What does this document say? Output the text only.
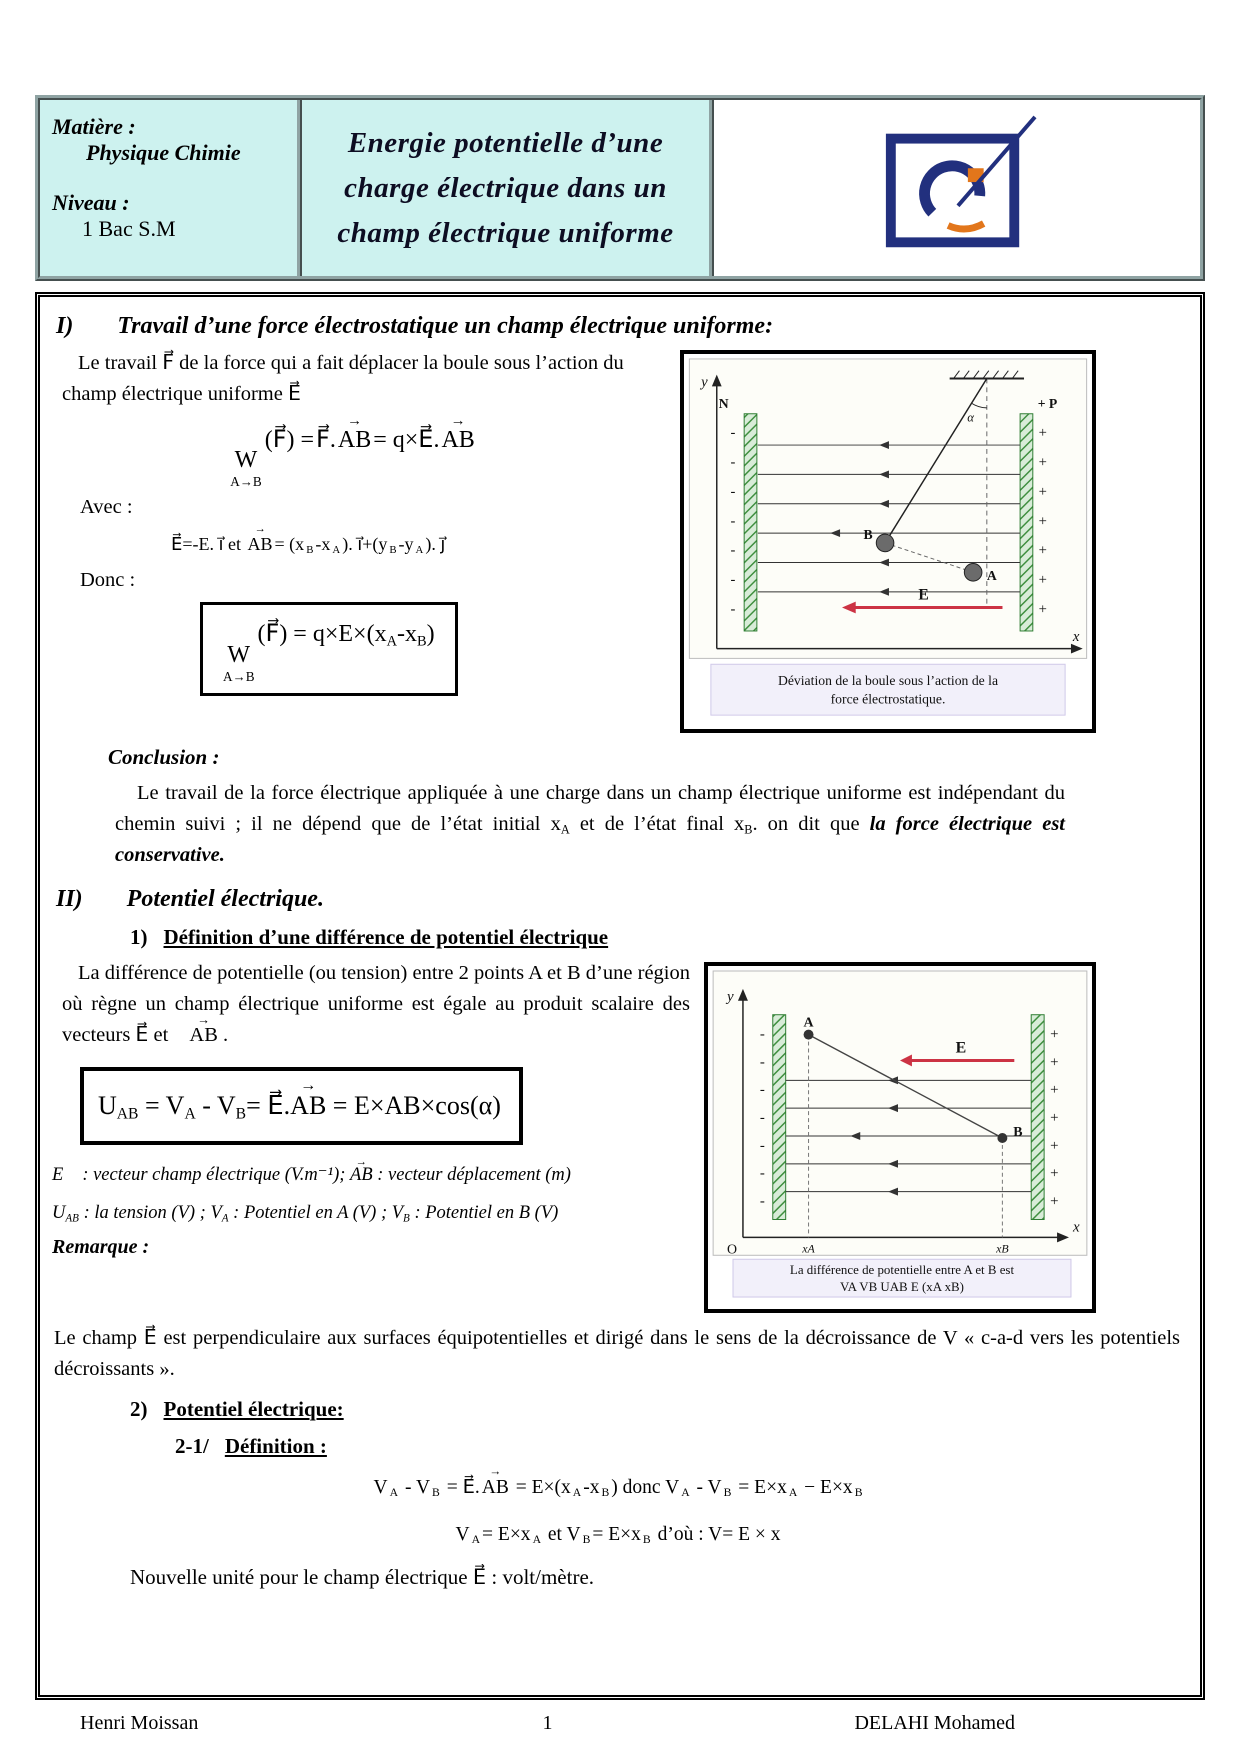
Matière :
Physique Chimie
Niveau :
1 Bac S.M
Energie potentielle d’une
charge électrique dans un
champ électrique uniforme
I) Travail d’une force électrostatique un champ électrique uniforme:
y
x
N
-
-
-
-
-
-
-
+ P
+
+
+
+
+
+
+
α
B
A
E⃗
Déviation de la boule sous l’action de la
force électrostatique.

Le travail F⃗ de la force qui a fait déplacer la boule sous l’action du champ électrique uniforme E⃗

W
A→B
(F⃗) =F⃗.→ AB= q×E⃗.→ AB
Avec :
E⃗=-E. i⃗ et → AB = (x B -x A ). i⃗+(y B -y A ). j⃗
Donc :
W
A→B
(F⃗) = q×E×(xA-xB)
Conclusion :

Le travail de la force électrique appliquée à une charge dans un champ électrique uniforme est indépendant du chemin suivi ; il ne dépend que de l’état initial xA et de l’état final xB. on dit que la force électrique est conservative.

II) Potentiel électrique.
1) Définition d’une différence de potentiel électrique
y
x
O
-
-
-
-
-
-
-
+
+
+
+
+
+
+
E⃗
A
B
xA	xB
La différence de potentielle entre A et B est
VA VB UAB E (xA xB)

La différence de potentielle (ou tension) entre 2 points A et B d’une région où règne un champ électrique uniforme est égale au produit scalaire des vecteurs E⃗ et → AB .

UAB = VA - VB= E⃗.→ AB = E×AB×cos(α)
E⃗ : vecteur champ électrique (V.m⁻¹); → AB : vecteur déplacement (m)
UAB : la tension (V) ; VA : Potentiel en A (V) ; VB : Potentiel en B (V)
Remarque :

Le champ E⃗ est perpendiculaire aux surfaces équipotentielles et dirigé dans le sens de la décroissance de V « c-a-d vers les potentiels décroissants ».

2) Potentiel électrique:
2-1/ Définition :
V A - V B = E⃗. → AB = E×(x A -x B ) donc V A - V B = E×x A − E×x B
V A = E×x A et V B = E×x B d’où : V= E × x
Nouvelle unité pour le champ électrique E⃗ : volt/mètre.
Henri Moissan	1	DELAHI Mohamed
